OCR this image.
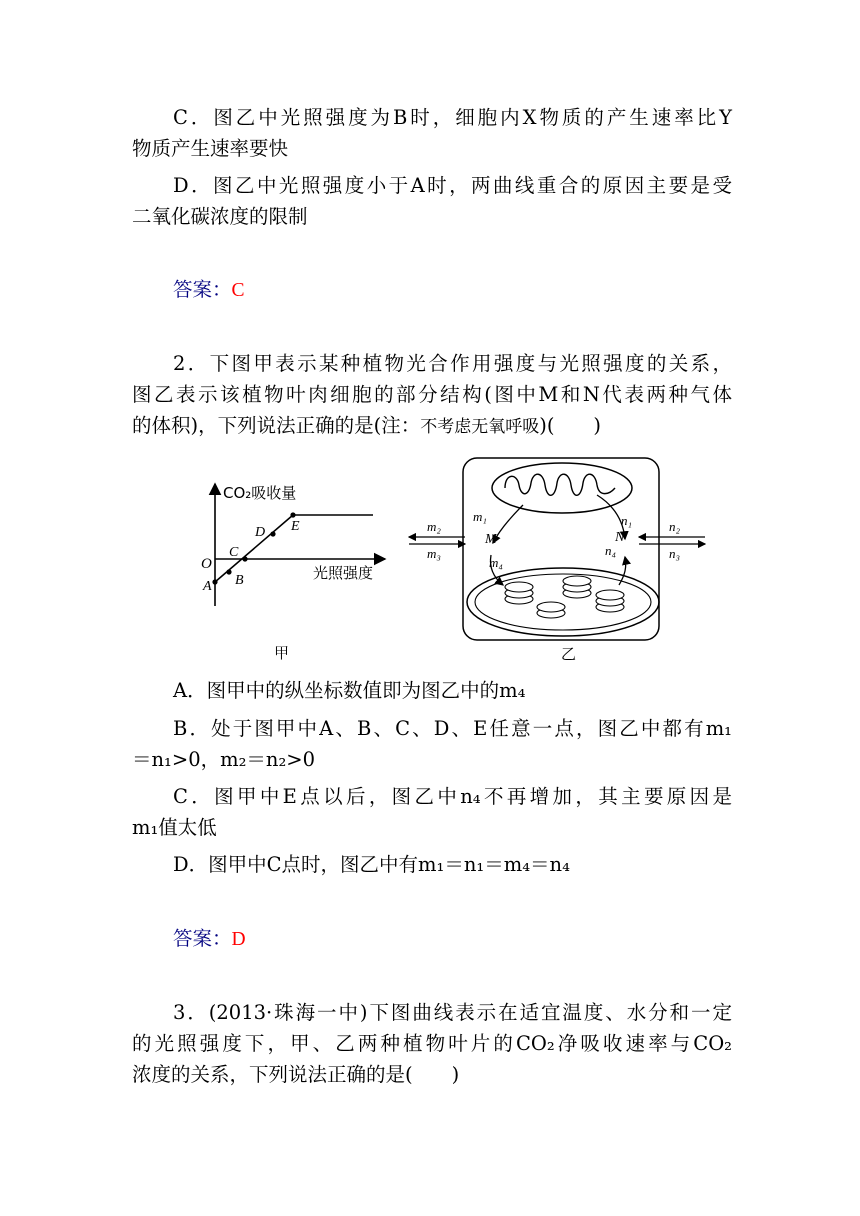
C．图乙中光照强度为B时，细胞内X物质的产生速率比Y
物质产生速率要快
D．图乙中光照强度小于A时，两曲线重合的原因主要是受
二氧化碳浓度的限制
答案：C
2．下图甲表示某种植物光合作用强度与光照强度的关系，
图乙表示该植物叶肉细胞的部分结构(图中M和N代表两种气体
的体积)，下列说法正确的是(注：不考虑无氧呼吸)(　　)
CO₂吸收量
光照强度
O
A B
C
D E
甲
m₂
m₃
m₁
M
m₄
n₁
N
n₄
n₂
n₃
乙
A．图甲中的纵坐标数值即为图乙中的m₄
B．处于图甲中A、B、C、D、E任意一点，图乙中都有m₁
＝n₁>0，m₂＝n₂>0
C．图甲中E点以后，图乙中n₄不再增加，其主要原因是
m₁值太低
D．图甲中C点时，图乙中有m₁＝n₁＝m₄＝n₄
答案：D
3．(2013·珠海一中)下图曲线表示在适宜温度、水分和一定
的光照强度下，甲、乙两种植物叶片的CO₂净吸收速率与CO₂
浓度的关系，下列说法正确的是(　　)
